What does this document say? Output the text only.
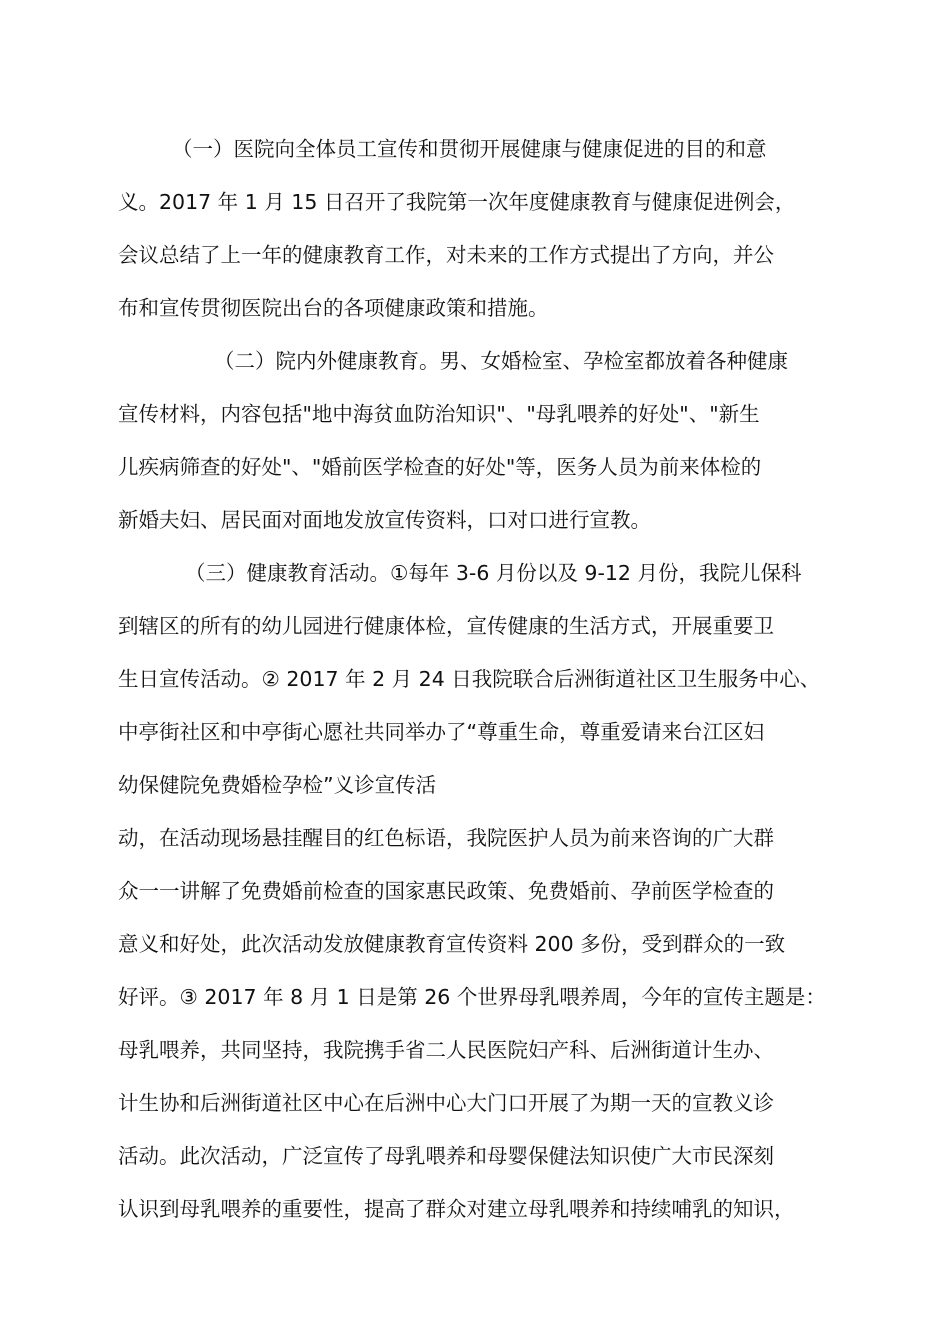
（一）医院向全体员工宣传和贯彻开展健康与健康促进的目的和意
义。2017 年 1 月 15 日召开了我院第一次年度健康教育与健康促进例会，
会议总结了上一年的健康教育工作，对未来的工作方式提出了方向，并公
布和宣传贯彻医院出台的各项健康政策和措施。
（二）院内外健康教育。男、女婚检室、孕检室都放着各种健康
宣传材料，内容包括"地中海贫血防治知识"、"母乳喂养的好处"、"新生
儿疾病筛查的好处"、"婚前医学检查的好处"等，医务人员为前来体检的
新婚夫妇、居民面对面地发放宣传资料，口对口进行宣教。
（三）健康教育活动。①每年 3-6 月份以及 9-12 月份，我院儿保科
到辖区的所有的幼儿园进行健康体检，宣传健康的生活方式，开展重要卫
生日宣传活动。② 2017 年 2 月 24 日我院联合后洲街道社区卫生服务中心、
中亭街社区和中亭街心愿社共同举办了“尊重生命，尊重爱请来台江区妇
幼保健院免费婚检孕检”义诊宣传活
动，在活动现场悬挂醒目的红色标语，我院医护人员为前来咨询的广大群
众一一讲解了免费婚前检查的国家惠民政策、免费婚前、孕前医学检查的
意义和好处，此次活动发放健康教育宣传资料 200 多份，受到群众的一致
好评。③ 2017 年 8 月 1 日是第 26 个世界母乳喂养周，今年的宣传主题是：
母乳喂养，共同坚持，我院携手省二人民医院妇产科、后洲街道计生办、
计生协和后洲街道社区中心在后洲中心大门口开展了为期一天的宣教义诊
活动。此次活动，广泛宣传了母乳喂养和母婴保健法知识使广大市民深刻
认识到母乳喂养的重要性，提高了群众对建立母乳喂养和持续哺乳的知识，
